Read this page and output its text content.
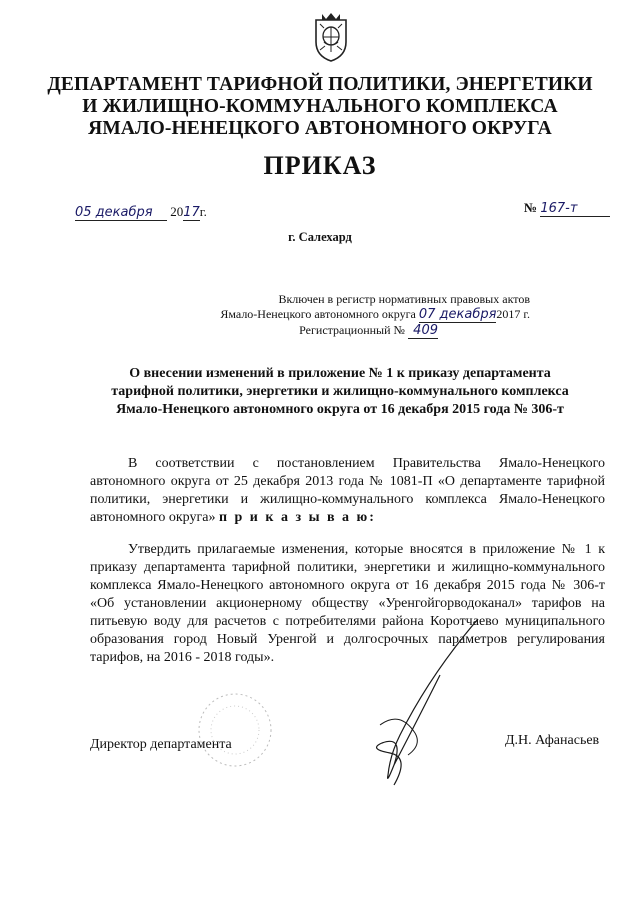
ДЕПАРТАМЕНТ ТАРИФНОЙ ПОЛИТИКИ, ЭНЕРГЕТИКИ
И ЖИЛИЩНО-КОММУНАЛЬНОГО КОМПЛЕКСА
ЯМАЛО-НЕНЕЦКОГО АВТОНОМНОГО ОКРУГА
ПРИКАЗ
05 декабря 2017г.	№ 167-т
г. Салехард
Включен в регистр нормативных правовых актов
Ямало-Ненецкого автономного округа 07 декабря2017 г.
Регистрационный № 409
О внесении изменений в приложение № 1 к приказу департамента
тарифной политики, энергетики и жилищно-коммунального комплекса
Ямало-Ненецкого автономного округа от 16 декабря 2015 года № 306-т
В соответствии с постановлением Правительства Ямало-Ненецкого автономного округа от 25 декабря 2013 года № 1081-П «О департаменте тарифной политики, энергетики и жилищно-коммунального комплекса Ямало-Ненецкого автономного округа» п р и к а з ы в а ю:
Утвердить прилагаемые изменения, которые вносятся в приложение № 1 к приказу департамента тарифной политики, энергетики и жилищно-коммунального комплекса Ямало-Ненецкого автономного округа от 16 декабря 2015 года № 306-т «Об установлении акционерному обществу «Уренгойгорводоканал» тарифов на питьевую воду для расчетов с потребителями района Коротчаево муниципального образования город Новый Уренгой и долгосрочных параметров регулирования тарифов, на 2016 - 2018 годы».
Директор департамента	Д.Н. Афанасьев
